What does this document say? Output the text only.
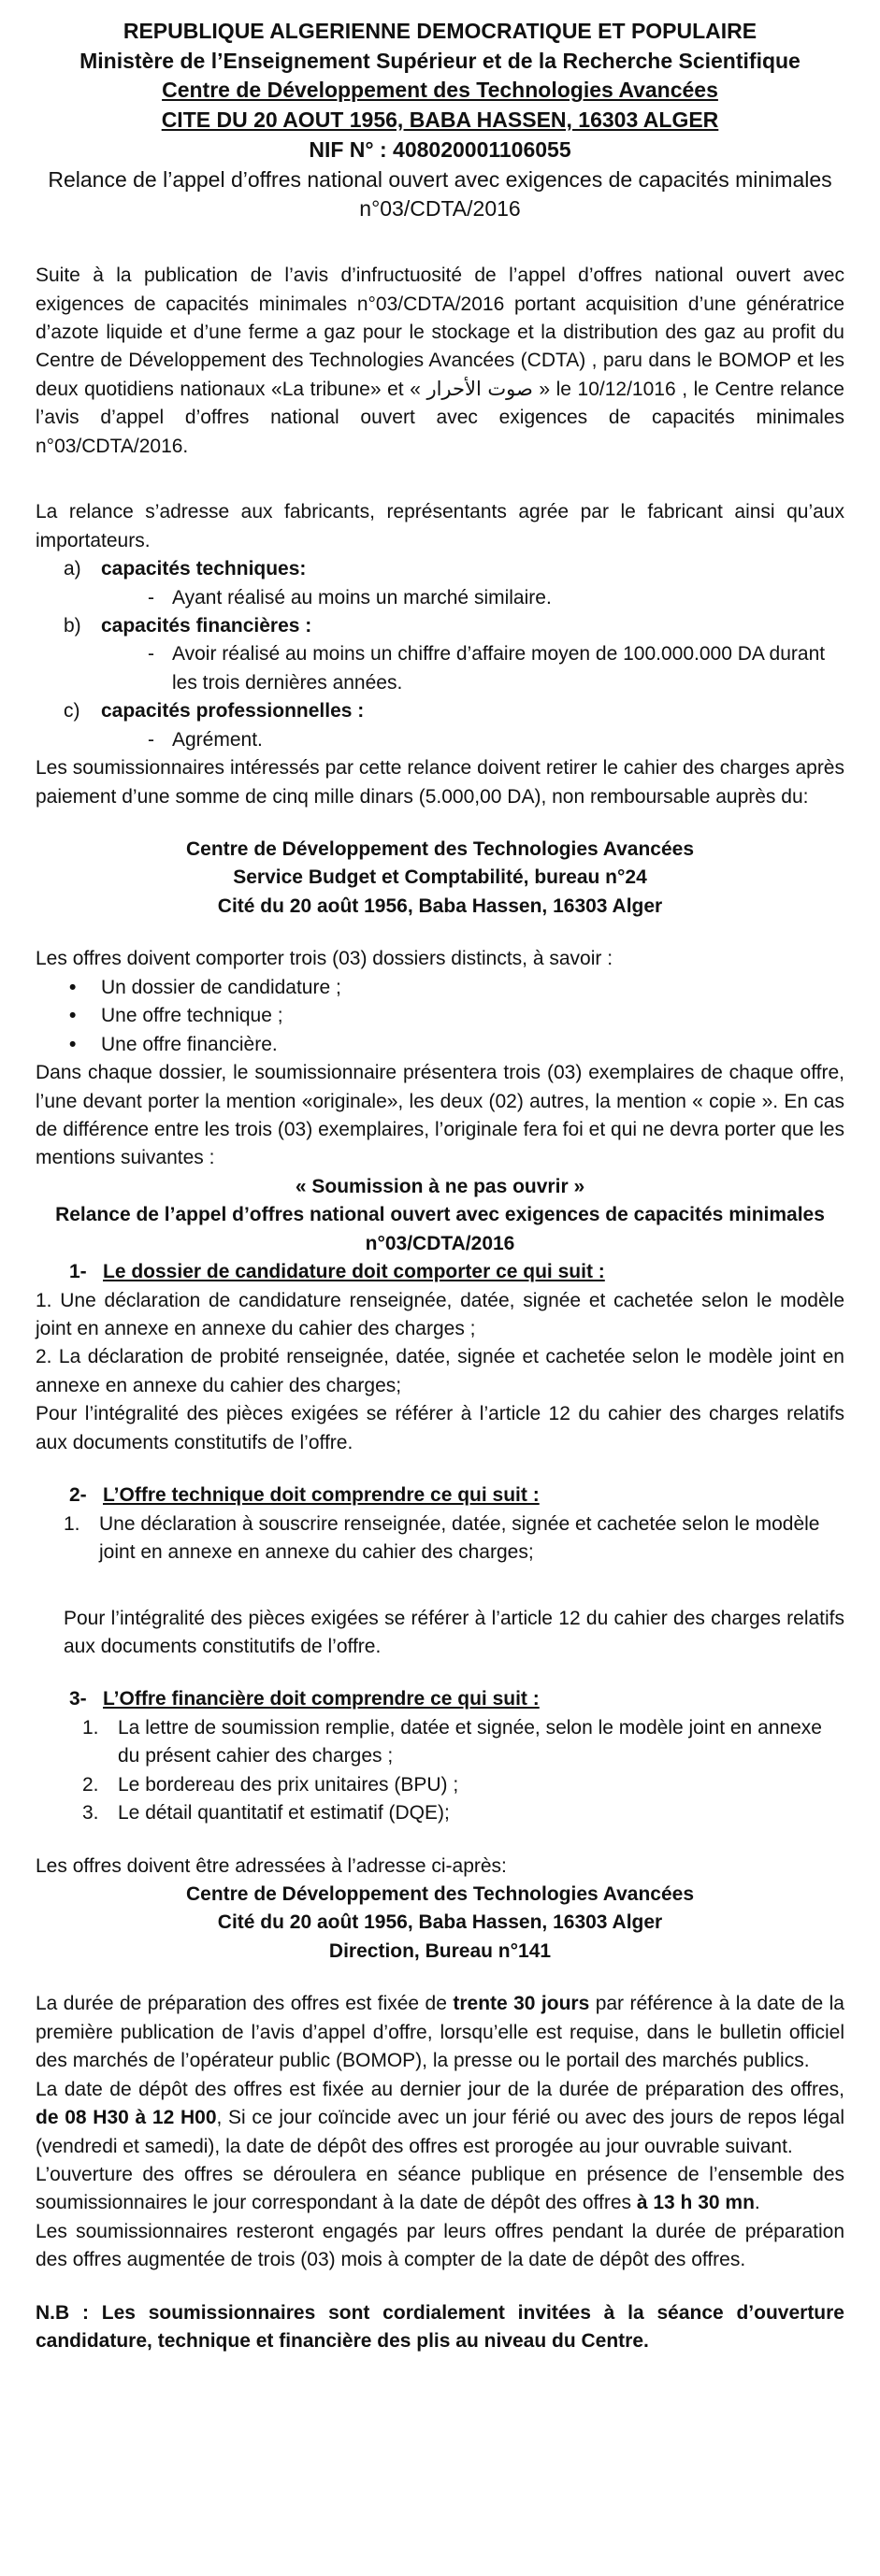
REPUBLIQUE ALGERIENNE DEMOCRATIQUE ET POPULAIRE
Ministère de l’Enseignement Supérieur et de la Recherche Scientifique
Centre de Développement des Technologies Avancées
CITE DU 20 AOUT 1956, BABA HASSEN, 16303 ALGER
NIF N° : 408020001106055
Relance de l’appel d’offres national ouvert avec exigences de capacités minimales
n°03/CDTA/2016

Suite à la publication de l’avis d’infructuosité de l’appel d’offres national ouvert avec exigences de capacités minimales n°03/CDTA/2016 portant acquisition d’une génératrice d’azote liquide et d’une ferme a gaz pour le stockage et la distribution des gaz au profit du Centre de Développement des Technologies Avancées (CDTA) , paru dans le BOMOP et les deux quotidiens nationaux «La tribune» et « صوت الأحرار » le 10/12/1016 , le Centre relance l’avis d’appel d’offres national ouvert avec exigences de capacités minimales n°03/CDTA/2016.

La relance s’adresse aux fabricants, représentants agrée par le fabricant ainsi qu’aux importateurs.

a)	capacités techniques:
- Ayant réalisé au moins un marché similaire.
b)	capacités financières :
- Avoir réalisé au moins un chiffre d’affaire moyen de 100.000.000 DA durant les trois dernières années.
c)	capacités professionnelles :
- Agrément.

Les soumissionnaires intéressés par cette relance doivent retirer le cahier des charges après paiement d’une somme de cinq mille dinars (5.000,00 DA), non remboursable auprès du:

Centre de Développement des Technologies Avancées
Service Budget et Comptabilité, bureau n°24
Cité du 20 août 1956, Baba Hassen, 16303 Alger

Les offres doivent comporter trois (03) dossiers distincts, à savoir :

•	Un dossier de candidature ;
•	Une offre technique ;
•	Une offre financière.

Dans chaque dossier, le soumissionnaire présentera trois (03) exemplaires de chaque offre, l’une devant porter la mention «originale», les deux (02) autres, la mention « copie ». En cas de différence entre les trois (03) exemplaires, l’originale fera foi et qui ne devra porter que les mentions suivantes :

« Soumission à ne pas ouvrir »
Relance de l’appel d’offres national ouvert avec exigences de capacités minimales
n°03/CDTA/2016
1- Le dossier de candidature doit comporter ce qui suit :

1. Une déclaration de candidature renseignée, datée, signée et cachetée selon le modèle joint en annexe en annexe du cahier des charges ;

2. La déclaration de probité renseignée, datée, signée et cachetée selon le modèle joint en annexe en annexe du cahier des charges;

Pour l’intégralité des pièces exigées se référer à l’article 12 du cahier des charges relatifs aux documents constitutifs de l’offre.

2- L’Offre technique doit comprendre ce qui suit :
1. Une déclaration à souscrire renseignée, datée, signée et cachetée selon le modèle joint en annexe en annexe du cahier des charges;

Pour l’intégralité des pièces exigées se référer à l’article 12 du cahier des charges relatifs aux documents constitutifs de l’offre.

3- L’Offre financière doit comprendre ce qui suit :
1. La lettre de soumission remplie, datée et signée, selon le modèle joint en annexe du présent cahier des charges ;
2. Le bordereau des prix unitaires (BPU) ;
3. Le détail quantitatif et estimatif (DQE);

Les offres doivent être adressées à l’adresse ci-après:

Centre de Développement des Technologies Avancées
Cité du 20 août 1956, Baba Hassen, 16303 Alger
Direction, Bureau n°141

La durée de préparation des offres est fixée de trente 30 jours par référence à la date de la première publication de l’avis d’appel d’offre, lorsqu’elle est requise, dans le bulletin officiel des marchés de l’opérateur public (BOMOP), la presse ou le portail des marchés publics.

La date de dépôt des offres est fixée au dernier jour de la durée de préparation des offres, de 08 H30 à 12 H00, Si ce jour coïncide avec un jour férié ou avec des jours de repos légal (vendredi et samedi), la date de dépôt des offres est prorogée au jour ouvrable suivant.

L’ouverture des offres se déroulera en séance publique en présence de l’ensemble des soumissionnaires le jour correspondant à la date de dépôt des offres à 13 h 30 mn.

Les soumissionnaires resteront engagés par leurs offres pendant la durée de préparation des offres augmentée de trois (03) mois à compter de la date de dépôt des offres.

N.B : Les soumissionnaires sont cordialement invitées à la séance d’ouverture candidature, technique et financière des plis au niveau du Centre.
